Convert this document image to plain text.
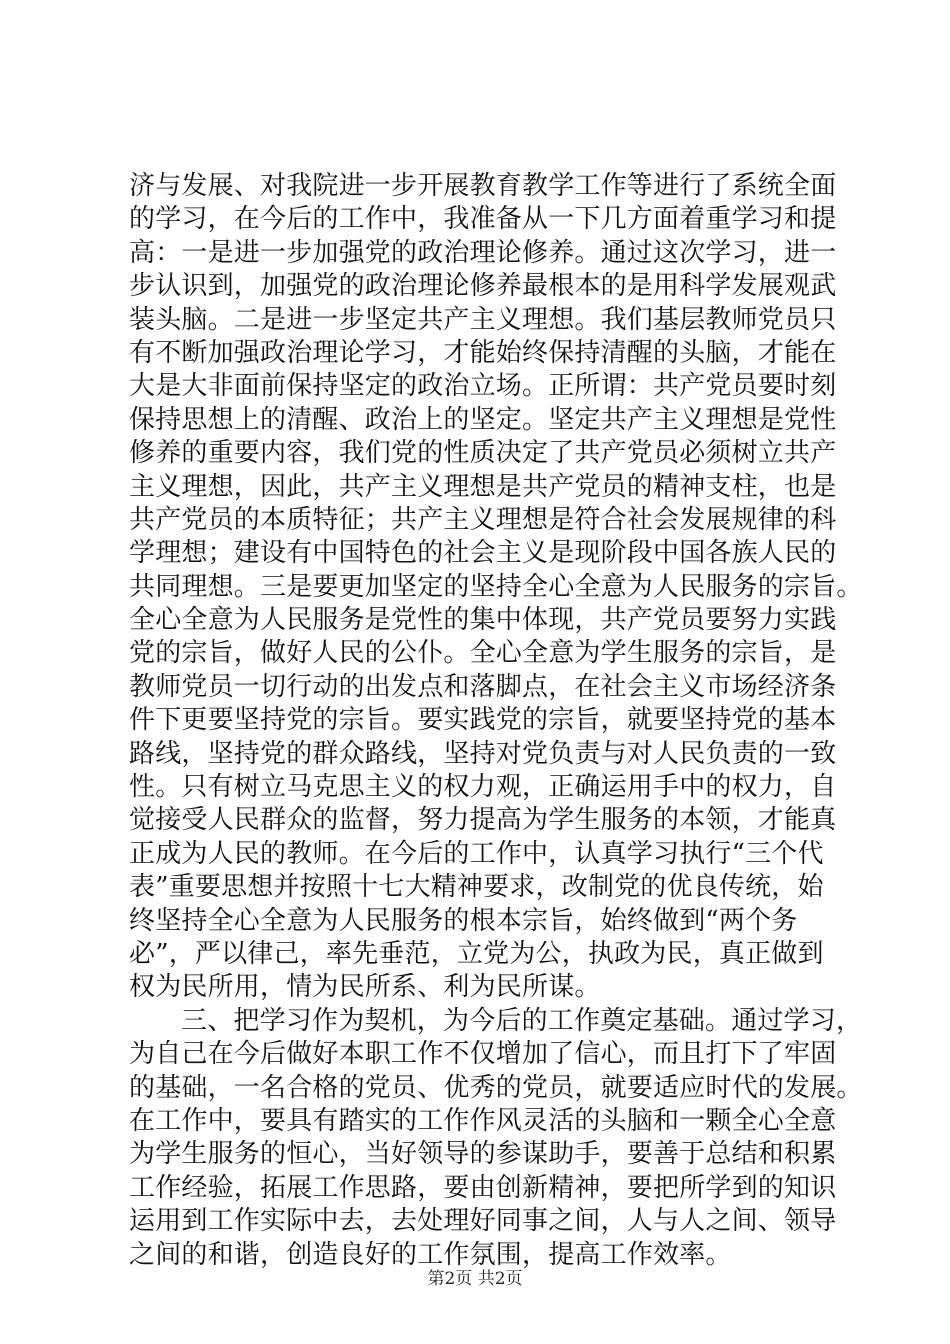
济与发展、对我院进一步开展教育教学工作等进行了系统全面
的学习，在今后的工作中，我准备从一下几方面着重学习和提
高：一是进一步加强党的政治理论修养。通过这次学习，进一
步认识到，加强党的政治理论修养最根本的是用科学发展观武
装头脑。二是进一步坚定共产主义理想。我们基层教师党员只
有不断加强政治理论学习，才能始终保持清醒的头脑，才能在
大是大非面前保持坚定的政治立场。正所谓：共产党员要时刻
保持思想上的清醒、政治上的坚定。坚定共产主义理想是党性
修养的重要内容，我们党的性质决定了共产党员必须树立共产
主义理想，因此，共产主义理想是共产党员的精神支柱，也是
共产党员的本质特征；共产主义理想是符合社会发展规律的科
学理想；建设有中国特色的社会主义是现阶段中国各族人民的
共同理想。三是要更加坚定的坚持全心全意为人民服务的宗旨。
全心全意为人民服务是党性的集中体现，共产党员要努力实践
党的宗旨，做好人民的公仆。全心全意为学生服务的宗旨，是
教师党员一切行动的出发点和落脚点，在社会主义市场经济条
件下更要坚持党的宗旨。要实践党的宗旨，就要坚持党的基本
路线，坚持党的群众路线，坚持对党负责与对人民负责的一致
性。只有树立马克思主义的权力观，正确运用手中的权力，自
觉接受人民群众的监督，努力提高为学生服务的本领，才能真
正成为人民的教师。在今后的工作中，认真学习执行“三个代
表”重要思想并按照十七大精神要求，改制党的优良传统，始
终坚持全心全意为人民服务的根本宗旨，始终做到“两个务
必”，严以律己，率先垂范，立党为公，执政为民，真正做到
权为民所用，情为民所系、利为民所谋。
三、把学习作为契机，为今后的工作奠定基础。通过学习，
为自己在今后做好本职工作不仅增加了信心，而且打下了牢固
的基础，一名合格的党员、优秀的党员，就要适应时代的发展。
在工作中，要具有踏实的工作作风灵活的头脑和一颗全心全意
为学生服务的恒心，当好领导的参谋助手，要善于总结和积累
工作经验，拓展工作思路，要由创新精神，要把所学到的知识
运用到工作实际中去，去处理好同事之间，人与人之间、领导
之间的和谐，创造良好的工作氛围，提高工作效率。
第2页 共2页
